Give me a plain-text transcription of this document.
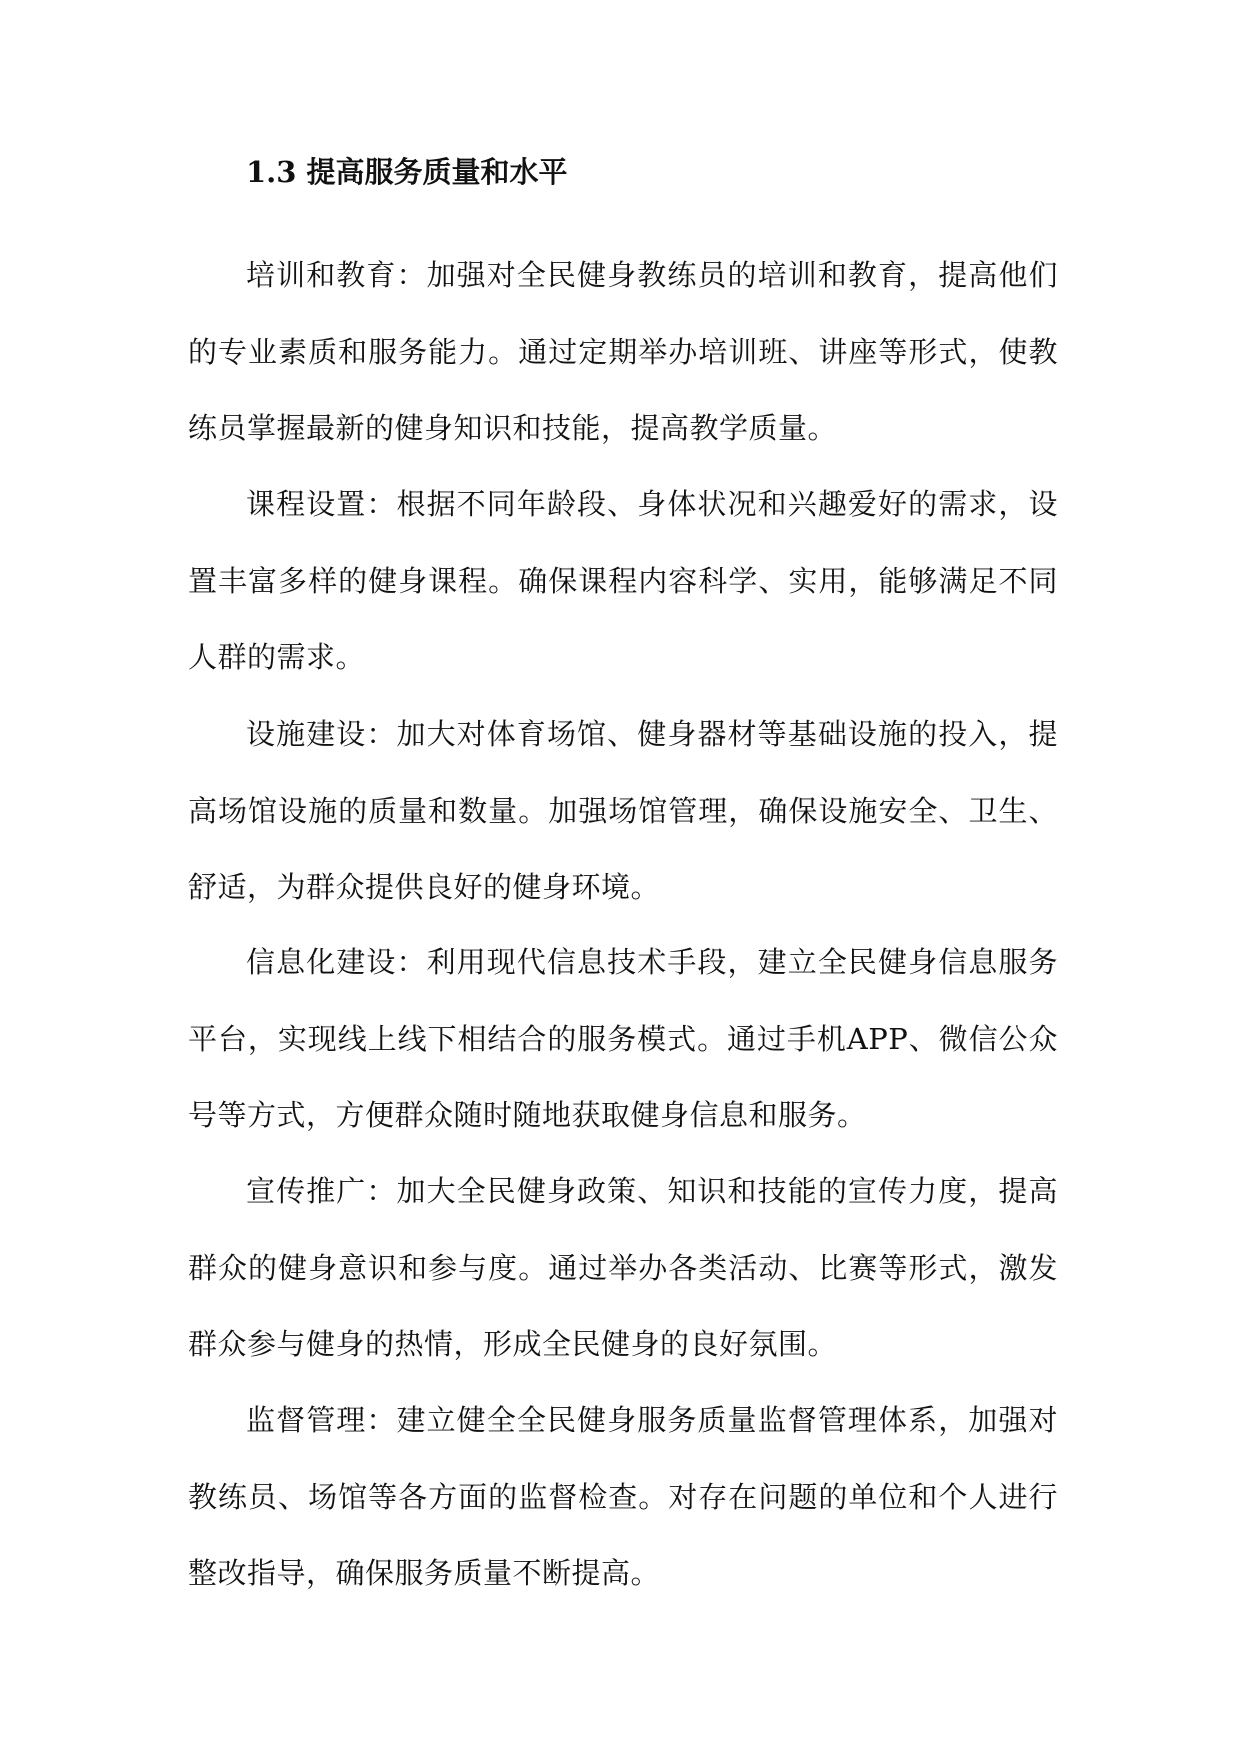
1.3 提高服务质量和水平

培训和教育：加强对全民健身教练员的培训和教育，提高他们的专业素质和服务能力。通过定期举办培训班、讲座等形式，使教练员掌握最新的健身知识和技能，提高教学质量。

课程设置：根据不同年龄段、身体状况和兴趣爱好的需求，设置丰富多样的健身课程。确保课程内容科学、实用，能够满足不同人群的需求。

设施建设：加大对体育场馆、健身器材等基础设施的投入，提高场馆设施的质量和数量。加强场馆管理，确保设施安全、卫生、舒适，为群众提供良好的健身环境。

信息化建设：利用现代信息技术手段，建立全民健身信息服务平台，实现线上线下相结合的服务模式。通过手机APP、微信公众号等方式，方便群众随时随地获取健身信息和服务。

宣传推广：加大全民健身政策、知识和技能的宣传力度，提高群众的健身意识和参与度。通过举办各类活动、比赛等形式，激发群众参与健身的热情，形成全民健身的良好氛围。

监督管理：建立健全全民健身服务质量监督管理体系，加强对教练员、场馆等各方面的监督检查。对存在问题的单位和个人进行整改指导，确保服务质量不断提高。
